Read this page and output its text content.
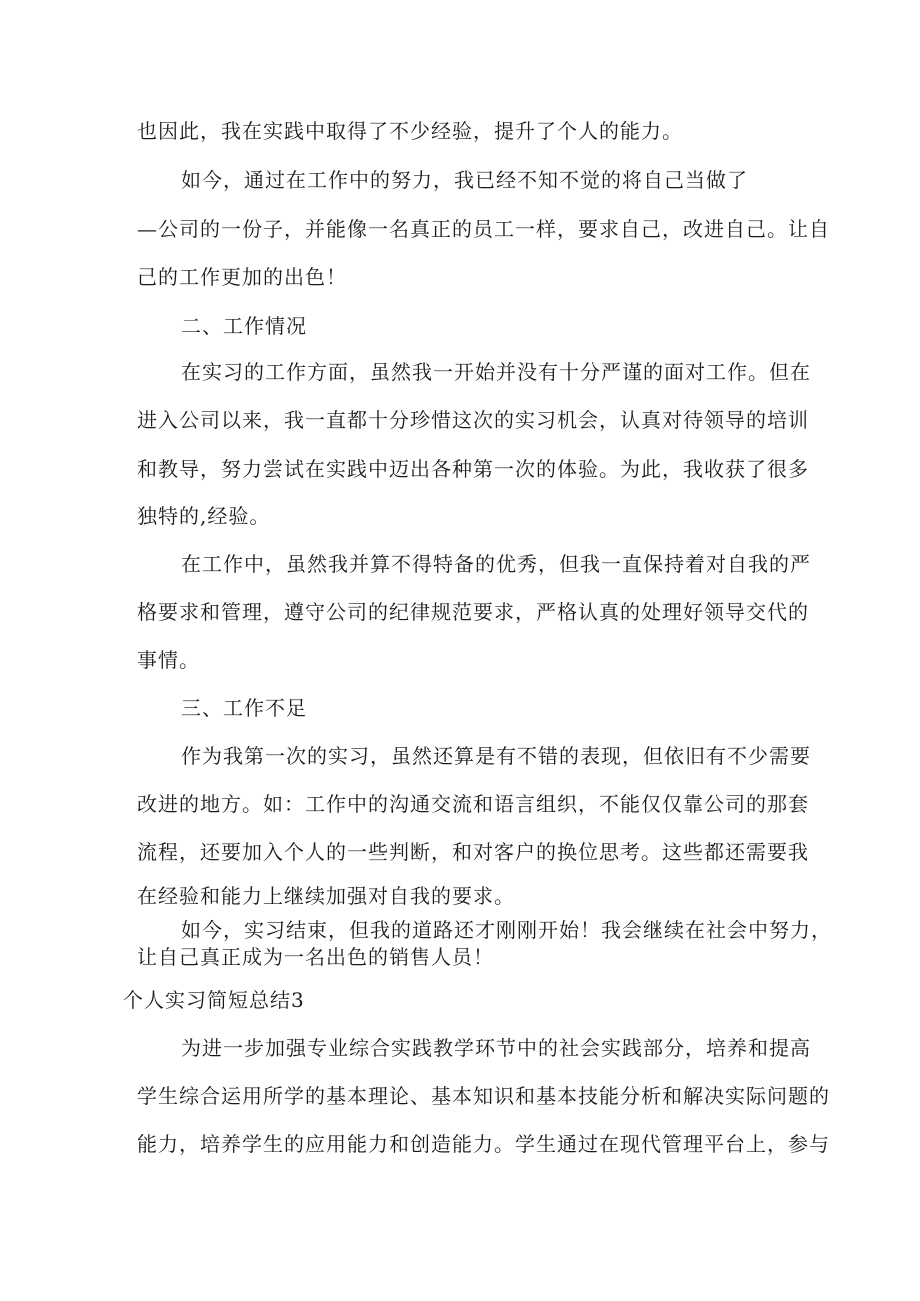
也因此，我在实践中取得了不少经验，提升了个人的能力。

如今，通过在工作中的努力，我已经不知不觉的将自己当做了

—公司的一份子，并能像一名真正的员工一样，要求自己，改进自己。让自

己的工作更加的出色！

二、工作情况

在实习的工作方面，虽然我一开始并没有十分严谨的面对工作。但在

进入公司以来，我一直都十分珍惜这次的实习机会，认真对待领导的培训

和教导，努力尝试在实践中迈出各种第一次的体验。为此，我收获了很多

独特的,经验。

在工作中，虽然我并算不得特备的优秀，但我一直保持着对自我的严

格要求和管理，遵守公司的纪律规范要求，严格认真的处理好领导交代的

事情。

三、工作不足

作为我第一次的实习，虽然还算是有不错的表现，但依旧有不少需要

改进的地方。如：工作中的沟通交流和语言组织，不能仅仅靠公司的那套

流程，还要加入个人的一些判断，和对客户的换位思考。这些都还需要我

在经验和能力上继续加强对自我的要求。

如今，实习结束，但我的道路还才刚刚开始！我会继续在社会中努力，

让自己真正成为一名出色的销售人员！

个人实习简短总结3

为进一步加强专业综合实践教学环节中的社会实践部分，培养和提高

学生综合运用所学的基本理论、基本知识和基本技能分析和解决实际问题的

能力，培养学生的应用能力和创造能力。学生通过在现代管理平台上，参与
